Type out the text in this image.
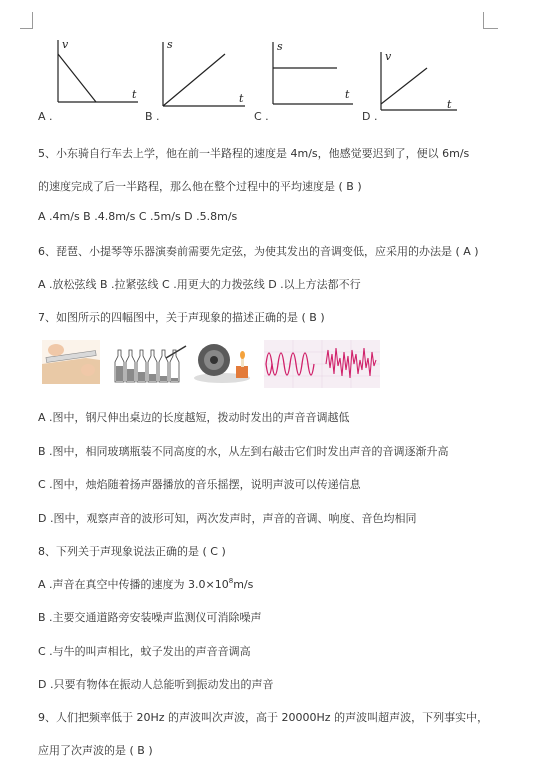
v
t
s
t
s
t
v
t
A .	B .	C .	D .
5、小东骑自行车去上学，他在前一半路程的速度是 4m/s，他感觉要迟到了，便以 6m/s
的速度完成了后一半路程，那么他在整个过程中的平均速度是 ( B )
A .4m/s B .4.8m/s C .5m/s D .5.8m/s
6、琵琶、小提琴等乐器演奏前需要先定弦，为使其发出的音调变低，应采用的办法是 ( A )
A .放松弦线 B .拉紧弦线 C .用更大的力拨弦线 D .以上方法都不行
7、如图所示的四幅图中，关于声现象的描述正确的是 ( B )
A .图中，钢尺伸出桌边的长度越短，拨动时发出的声音音调越低
B .图中，相同玻璃瓶装不同高度的水，从左到右敲击它们时发出声音的音调逐渐升高
C .图中，烛焰随着扬声器播放的音乐摇摆，说明声波可以传递信息
D .图中，观察声音的波形可知，两次发声时，声音的音调、响度、音色均相同
8、下列关于声现象说法正确的是 ( C )
A .声音在真空中传播的速度为 $3.0\times 10^8m/s$
B .主要交通道路旁安装噪声监测仪可消除噪声
C .与牛的叫声相比，蚊子发出的声音音调高
D .只要有物体在振动人总能听到振动发出的声音
9、人们把频率低于 20Hz 的声波叫次声波，高于 20000Hz 的声波叫超声波，下列事实中，
应用了次声波的是 ( B )
